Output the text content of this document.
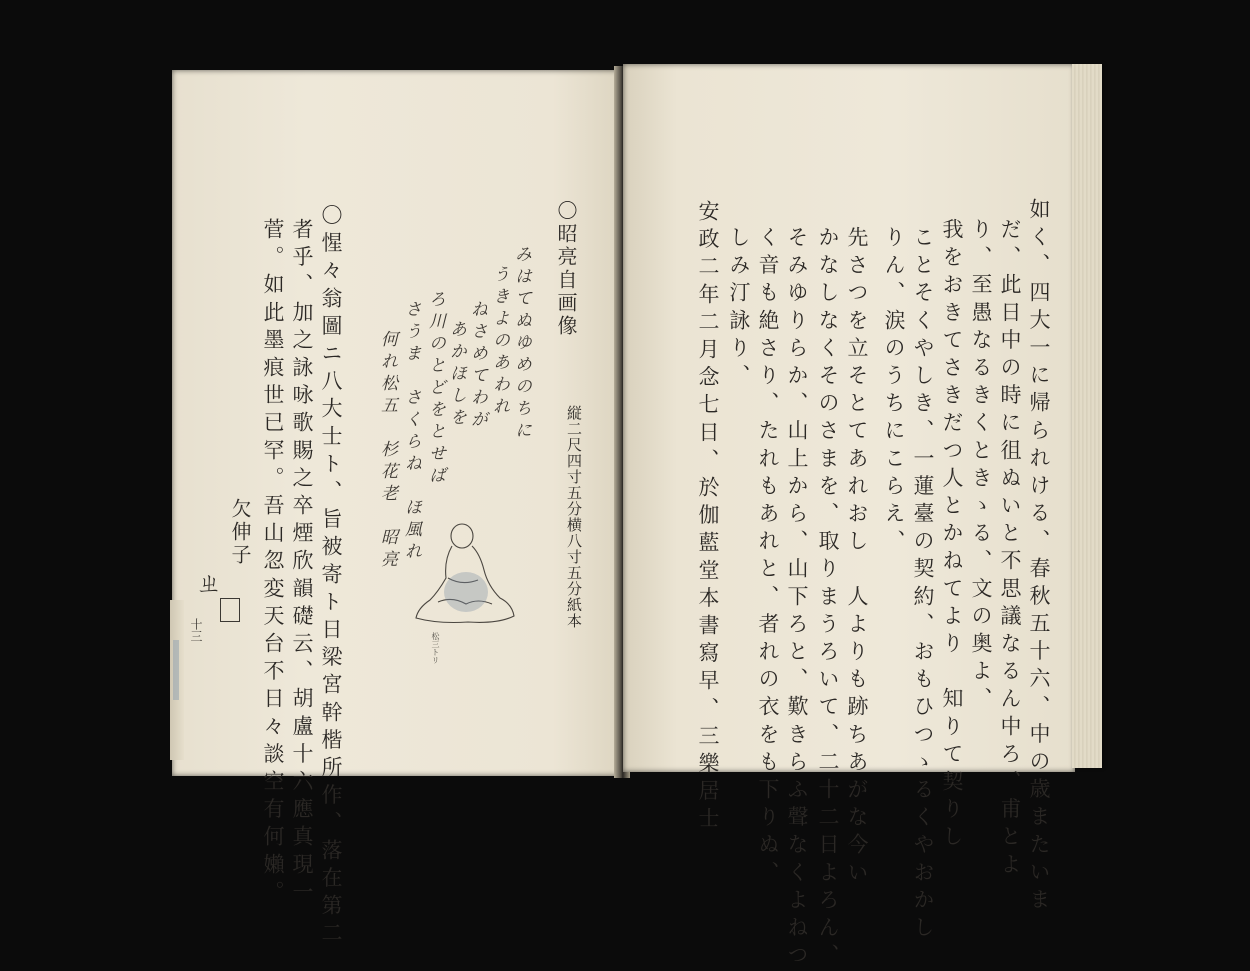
〇昭亮自画像
縦二尺四寸五分横八寸五分紙本
みはてぬゆめのちに
うきよのあわれ
ねさめてわが
あかほしを
ろ川のとどをとせば
さうま　さくらね　ほ風れ
何れ松五　杉花老　昭亮
松三トリ
〇惺々翁圖ニ八大士ト、旨被寄ト日梁宮幹楷所作、落在第二
者乎、加之詠咏歌賜之卒煙欣韻礎云、胡盧十六應真現一
菅。如此墨痕世已罕。吾山忽変天台不日々談空有何嬾。
欠伸子
ㄓ
十三	如く、四大一に帰られける、春秋五十六、中の歳またいま
だ、此日中の時に徂ぬいと不思議なるん中ろ、甫とよ
り、至愚なるきくときゝる、文の奥よ、
我をおきてさきだつ人とかねてより　知りて契りし
ことそくやしき、一蓮臺の契約、おもひつゝるくやおかし
りん、涙のうちにこらえ、
先さつを立そとてあれおし　人よりも跡ちあがな今い
かなしなくそのさまを、取りまうろいて、二十二日よろん、
そみゆりらか、山上から、山下ろと、歎きらふ聲なくよねつ
く音も絶さり、たれもあれと、者れの衣をも下りぬ、
しみ汀詠り、
安政二年二月念七日、於伽藍堂本書寫早、三樂居士
